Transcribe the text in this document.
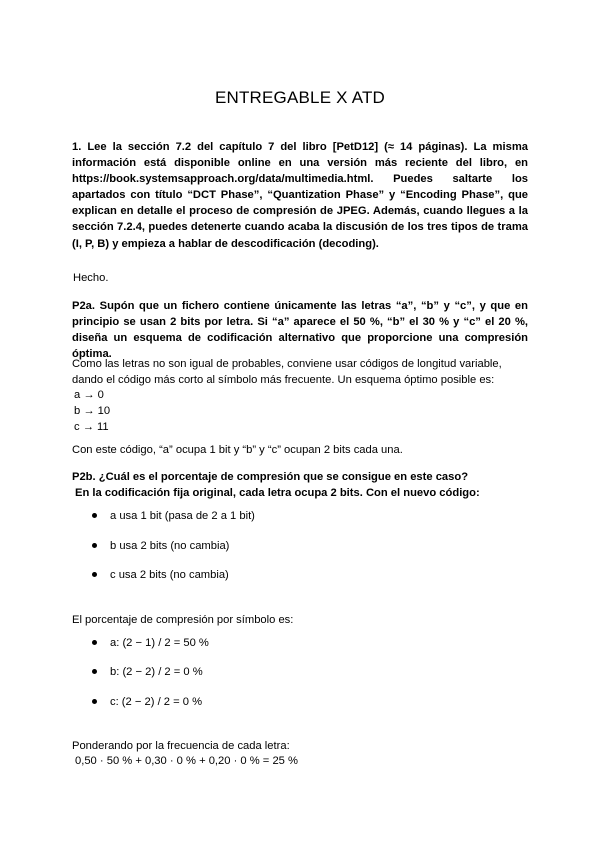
ENTREGABLE X ATD
1. Lee la sección 7.2 del capítulo 7 del libro [PetD12] (≈ 14 páginas). La misma información está disponible online en una versión más reciente del libro, en https://book.systemsapproach.org/data/multimedia.html. Puedes saltarte los apartados con título “DCT Phase”, “Quantization Phase” y “Encoding Phase”, que explican en detalle el proceso de compresión de JPEG. Además, cuando llegues a la sección 7.2.4, puedes detenerte cuando acaba la discusión de los tres tipos de trama (I, P, B) y empieza a hablar de descodificación (decoding).
Hecho.
P2a. Supón que un fichero contiene únicamente las letras “a”, “b” y “c”, y que en principio se usan 2 bits por letra. Si “a” aparece el 50 %, “b” el 30 % y “c” el 20 %, diseña un esquema de codificación alternativo que proporcione una compresión óptima.
Como las letras no son igual de probables, conviene usar códigos de longitud variable, dando el código más corto al símbolo más frecuente. Un esquema óptimo posible es:
a → 0
b → 10
c → 11
Con este código, “a” ocupa 1 bit y “b” y “c” ocupan 2 bits cada una.
P2b. ¿Cuál es el porcentaje de compresión que se consigue en este caso?
En la codificación fija original, cada letra ocupa 2 bits. Con el nuevo código:
a usa 1 bit (pasa de 2 a 1 bit)
b usa 2 bits (no cambia)
c usa 2 bits (no cambia)
El porcentaje de compresión por símbolo es:
a: (2 − 1) / 2 = 50 %
b: (2 − 2) / 2 = 0 %
c: (2 − 2) / 2 = 0 %
Ponderando por la frecuencia de cada letra:
0,50 · 50 % + 0,30 · 0 % + 0,20 · 0 % = 25 %
